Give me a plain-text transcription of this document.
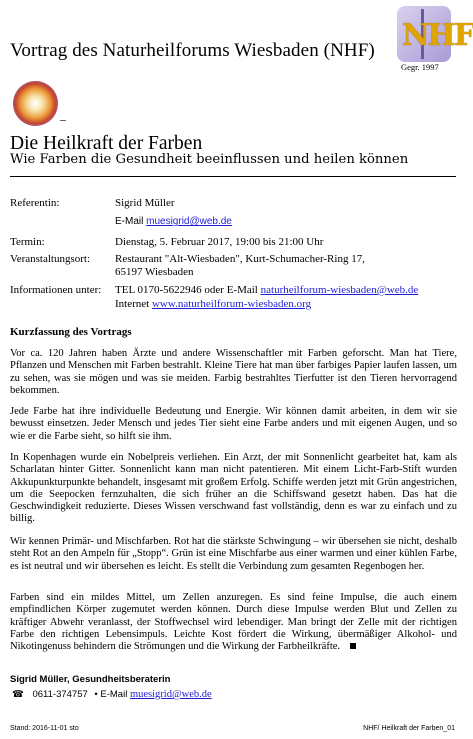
Vortrag des Naturheilforums Wiesbaden (NHF) NHF
Gegr. 1997
Die Heilkraft der Farben
Wie Farben die Gesundheit beeinflussen und heilen können
Referentin:	Sigrid Müller
E-Mail muesigrid@web.de
Termin:	Dienstag, 5. Februar 2017, 19:00 bis 21:00 Uhr
Veranstaltungsort: Restaurant "Alt-Wiesbaden", Kurt-Schumacher-Ring 17,
65197 Wiesbaden
Informationen unter: TEL 0170-5622946 oder E-Mail naturheilforum-wiesbaden@web.de
Internet www.naturheilforum-wiesbaden.org
Kurzfassung des Vortrags
Vor ca. 120 Jahren haben Ärzte und andere Wissenschaftler mit Farben geforscht. Man hat Tiere, Pflanzen und Menschen mit Farben bestrahlt. Kleine Tiere hat man über farbiges Papier laufen lassen, um zu sehen, was sie mögen und was sie meiden. Farbig bestrahltes Tierfutter ist den Tieren hervorragend bekommen.
Jede Farbe hat ihre individuelle Bedeutung und Energie. Wir können damit arbeiten, in dem wir sie bewusst einsetzen. Jeder Mensch und jedes Tier sieht eine Farbe anders und mit eigenen Augen, und so wie er die Farbe sieht, so hilft sie ihm.
In Kopenhagen wurde ein Nobelpreis verliehen. Ein Arzt, der mit Sonnenlicht gearbeitet hat, kam als Scharlatan hinter Gitter. Sonnenlicht kann man nicht patentieren. Mit einem Licht-Farb-Stift wurden Akkupunkturpunkte behandelt, insgesamt mit großem Erfolg. Schiffe werden jetzt mit Grün angestrichen, um die Seepocken fernzuhalten, die sich früher an die Schiffswand gesetzt haben. Das hat die Geschwindigkeit reduzierte. Dieses Wissen verschwand fast vollständig, denn es war zu einfach und zu billig.
Wir kennen Primär- und Mischfarben. Rot hat die stärkste Schwingung – wir übersehen sie nicht, deshalb steht Rot an den Ampeln für „Stopp“. Grün ist eine Mischfarbe aus einer warmen und einer kühlen Farbe, es ist neutral und wir übersehen es leicht. Es stellt die Verbindung zum gesamten Regenbogen her.
Farben sind ein mildes Mittel, um Zellen anzuregen. Es sind feine Impulse, die auch einem empfindlichen Körper zugemutet werden können. Durch diese Impulse werden Blut und Zellen zu kräftiger Abwehr veranlasst, der Stoffwechsel wird lebendiger. Man bringt der Zelle mit der richtigen Farbe den richtigen Lebensimpuls. Leichte Kost fördert die Wirkung, übermäßiger Alkohol- und Nikotingenuss behindern die Strömungen und die Wirkung der Farbheilkräfte.
Sigrid Müller, Gesundheitsberaterin
☎ 0611-374757 • E-Mail muesigrid@web.de
Stand: 2016-11-01 sto	NHF/ Heilkraft der Farben_01
